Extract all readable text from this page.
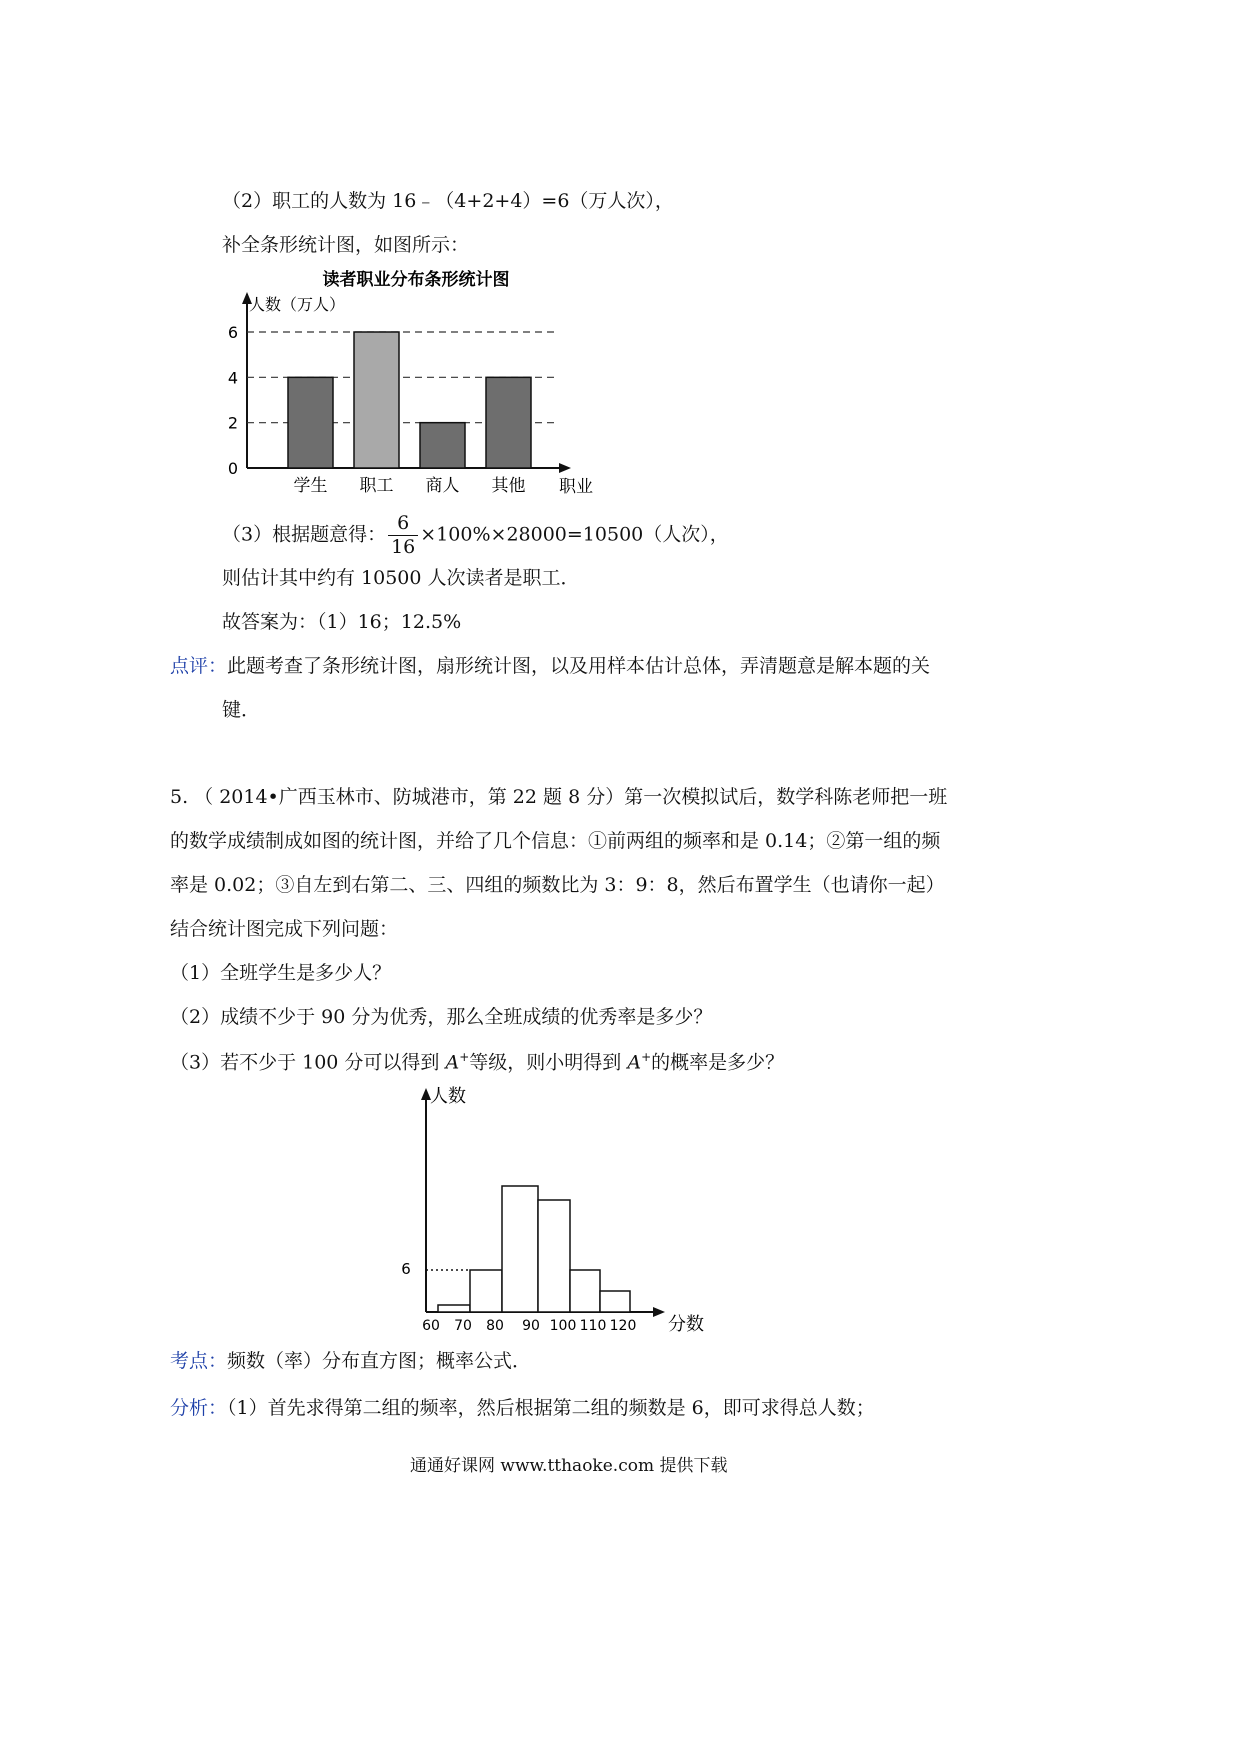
（2）职工的人数为 16﹣（4+2+4）=6（万人次），
补全条形统计图，如图所示：
读者职业分布条形统计图
人数（万人）
职业
0
2
4
6
学生 职工 商人 其他
（3）根据题意得： $\frac{6}{16} \times 100\%\times 28000=10500$（人次），
则估计其中约有 10500 人次读者是职工．
故答案为：（1）16；12.5%
点评：此题考查了条形统计图，扇形统计图，以及用样本估计总体，弄清题意是解本题的关
键．
5. （ 2014•广西玉林市、防城港市，第 22 题 8 分）第一次模拟试后，数学科陈老师把一班
的数学成绩制成如图的统计图，并给了几个信息：①前两组的频率和是 0.14；②第一组的频
率是 0.02；③自左到右第二、三、四组的频数比为 3：9：8，然后布置学生（也请你一起）
结合统计图完成下列问题：
（1）全班学生是多少人？
（2）成绩不少于 90 分为优秀，那么全班成绩的优秀率是多少？
（3）若不少于 100 分可以得到 A+等级，则小明得到 A+的概率是多少？
人数
分数
60 70 80 90 100 110 120
6
考点：频数（率）分布直方图；概率公式．
分析：（1）首先求得第二组的频率，然后根据第二组的频数是 6，即可求得总人数；
通通好课网 www.tthaoke.com 提供下载
